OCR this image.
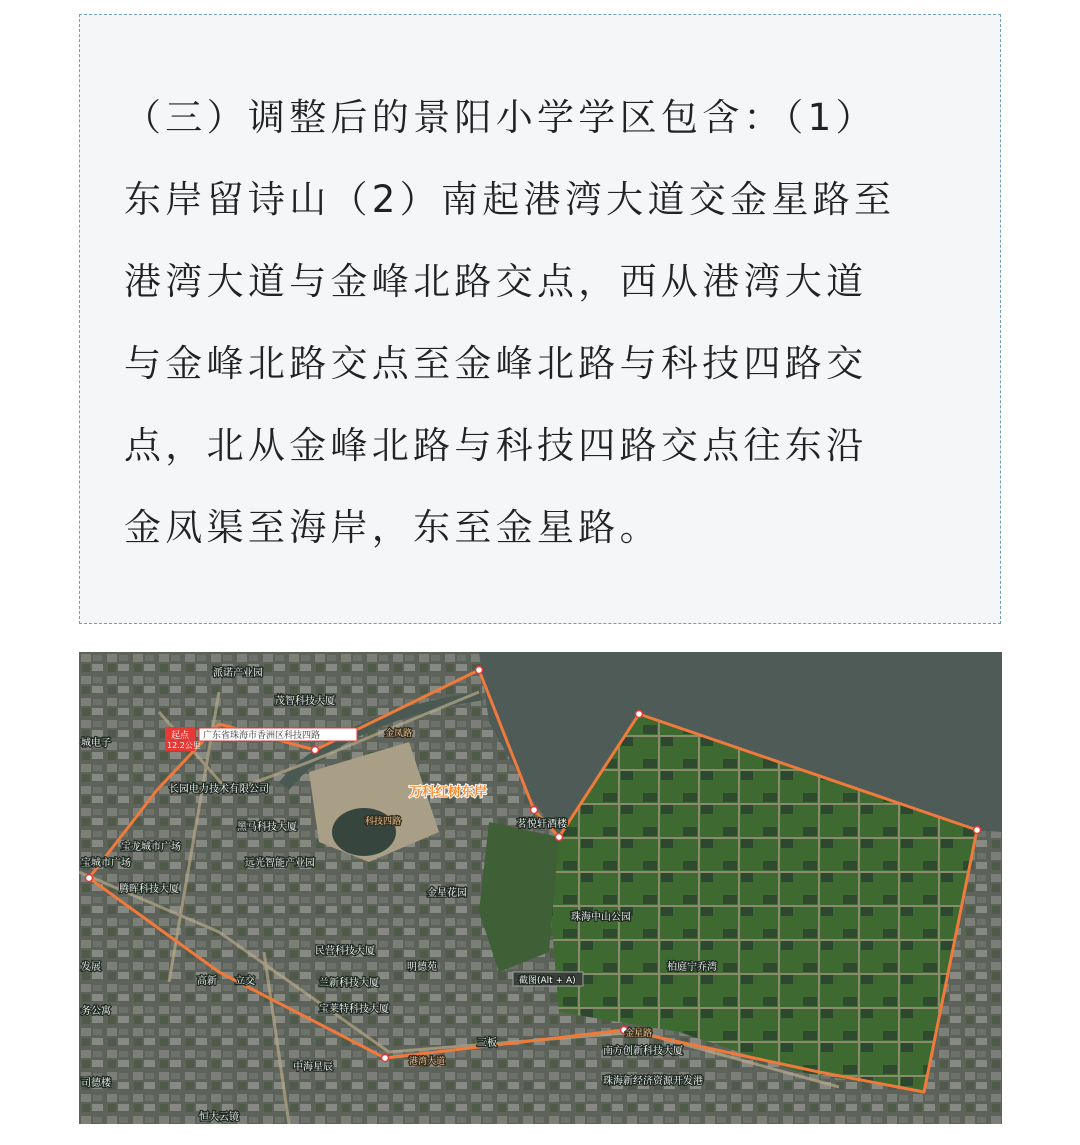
（三）调整后的景阳小学学区包含：（1）
东岸留诗山（2）南起港湾大道交金星路至
港湾大道与金峰北路交点，西从港湾大道
与金峰北路交点至金峰北路与科技四路交
点，北从金峰北路与科技四路交点往东沿
金凤渠至海岸，东至金星路。

起点
12.2公里
广东省珠海市香洲区科技四路
万科红树东岸
茗悦轩酒楼
珠海中山公园
柏庭宁乔湾
金星花园
明德苑
民营科技大厦
兰新科技大厦
宝莱特科技大厦
腾晖科技大厦
长园电力技术有限公司
黑马科技大厦
宝龙城市广场
高新 立交	截图(Alt + A)
南方创新科技大厦
中海星辰
恒大云镜
派诺产业园
茂智科技大厦
远光智能产业园
三板
珠海新经济资源开发港
城电子
务公寓
发展
司德楼
宝城市广场
港湾大道
金凤路
科技四路
金星路
